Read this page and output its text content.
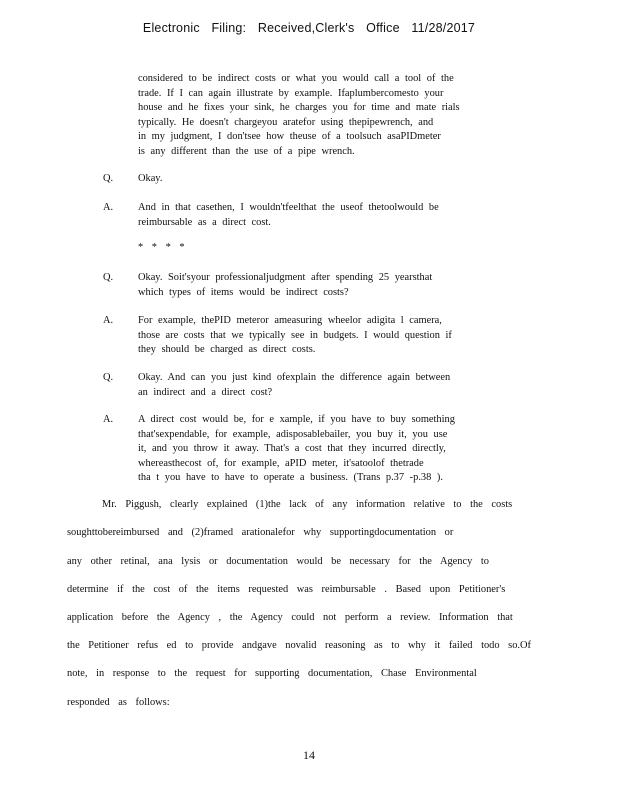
Electronic Filing: Received,Clerk's Office 11/28/2017
considered to be indirect costs or what you would call a tool of the
trade. If I can again illustrate by example. Ifaplumbercomesto your
house and he fixes your sink, he charges you for time and mate rials
typically. He doesn't chargeyou aratefor using thepipewrench, and
in my judgment, I don'tsee how theuse of a toolsuch asaPIDmeter
is any different than the use of a pipe wrench.
Q. Okay.
A. And in that casethen, I wouldn'tfeelthat the useof thetoolwould be
reimbursable as a direct cost.
* * * *
Q. Okay. Soit'syour professionaljudgment after spending 25 yearsthat
which types of items would be indirect costs?
A. For example, thePID meteror ameasuring wheelor adigita l camera,
those are costs that we typically see in budgets. I would question if
they should be charged as direct costs.
Q. Okay. And can you just kind ofexplain the difference again between
an indirect and a direct cost?
A. A direct cost would be, for e xample, if you have to buy something
that'sexpendable, for example, adisposablebailer, you buy it, you use
it, and you throw it away. That's a cost that they incurred directly,
whereasthecost of, for example, aPID meter, it'satoolof thetrade
tha t you have to have to operate a business. (Trans p.37 -p.38 ).
Mr. Piggush, clearly explained (1)the lack of any information relative to the costs
soughttobereimbursed and (2)framed arationalefor why supportingdocumentation or
any other retinal, ana lysis or documentation would be necessary for the Agency to
determine if the cost of the items requested was reimbursable . Based upon Petitioner's
application before the Agency , the Agency could not perform a review. Information that
the Petitioner refus ed to provide andgave novalid reasoning as to why it failed todo so.Of
note, in response to the request for supporting documentation, Chase Environmental
responded as follows:
14
